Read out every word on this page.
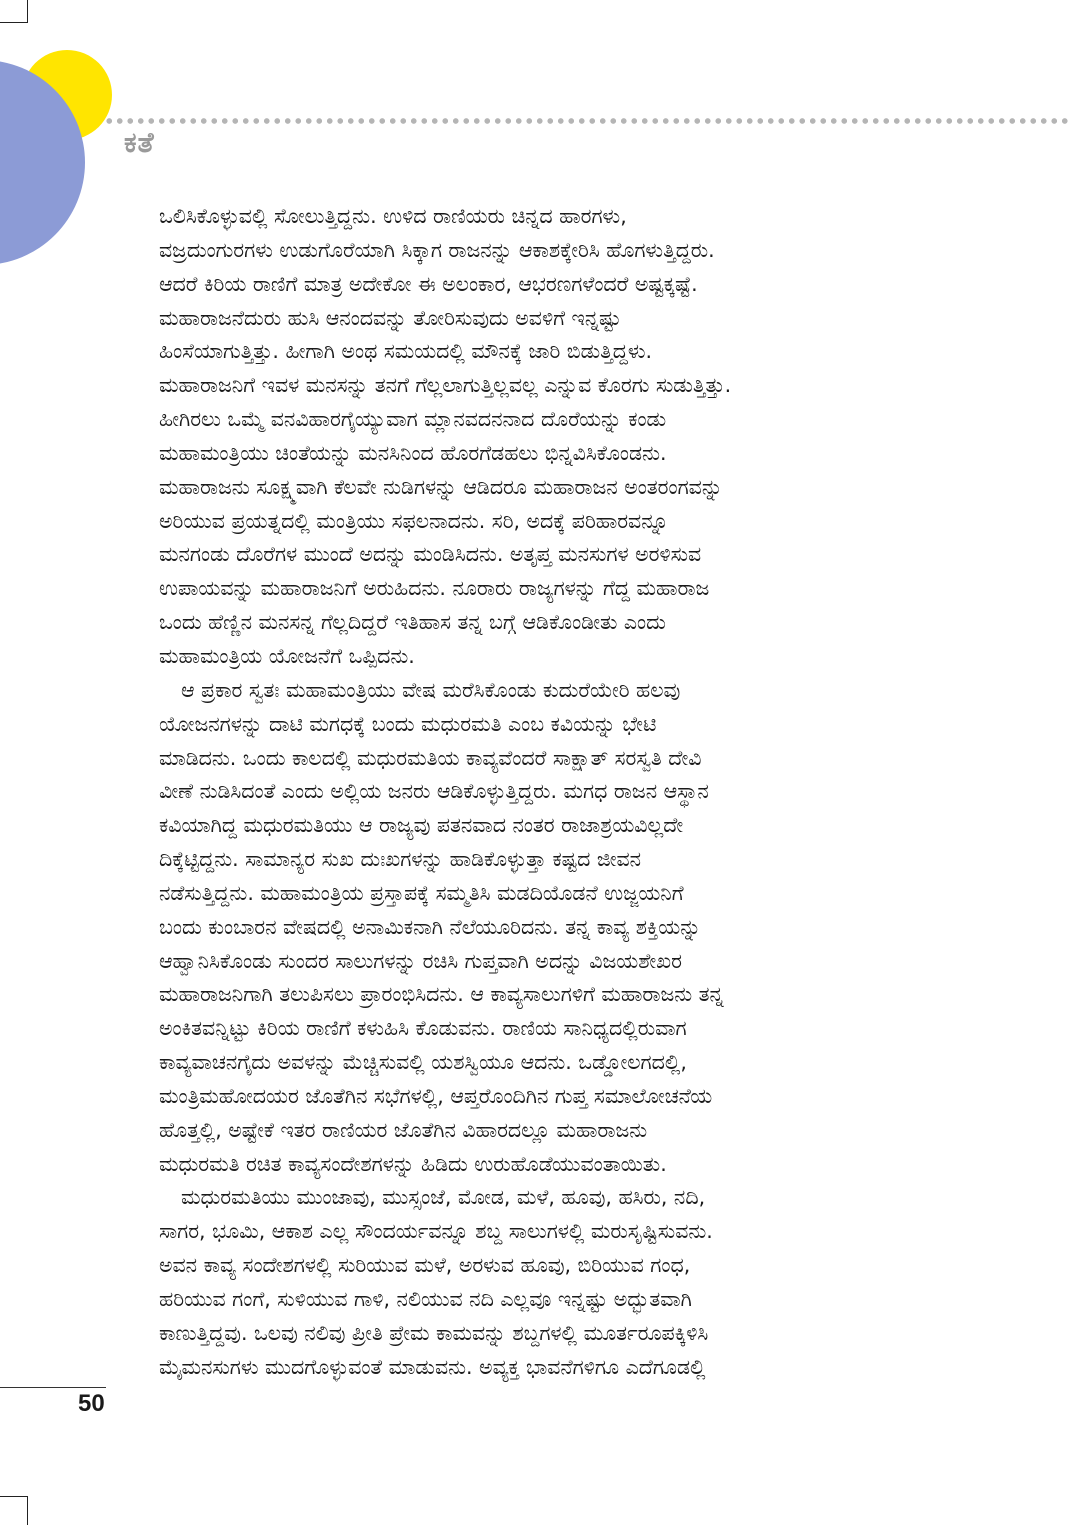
ಕತೆ
ಒಲಿಸಿಕೊಳ್ಳುವಲ್ಲಿ ಸೋಲುತ್ತಿದ್ದನು. ಉಳಿದ ರಾಣಿಯರು ಚಿನ್ನದ ಹಾರಗಳು,
ವಜ್ರದುಂಗುರಗಳು ಉಡುಗೊರೆಯಾಗಿ ಸಿಕ್ಕಾಗ ರಾಜನನ್ನು ಆಕಾಶಕ್ಕೇರಿಸಿ ಹೊಗಳುತ್ತಿದ್ದರು.
ಆದರೆ ಕಿರಿಯ ರಾಣಿಗೆ ಮಾತ್ರ ಅದೇಕೋ ಈ ಅಲಂಕಾರ, ಆಭರಣಗಳೆಂದರೆ ಅಷ್ಟಕ್ಕಷ್ಟೆ.
ಮಹಾರಾಜನೆದುರು ಹುಸಿ ಆನಂದವನ್ನು ತೋರಿಸುವುದು ಅವಳಿಗೆ ಇನ್ನಷ್ಟು
ಹಿಂಸೆಯಾಗುತ್ತಿತ್ತು. ಹೀಗಾಗಿ ಅಂಥ ಸಮಯದಲ್ಲಿ ಮೌನಕ್ಕೆ ಜಾರಿ ಬಿಡುತ್ತಿದ್ದಳು.
ಮಹಾರಾಜನಿಗೆ ಇವಳ ಮನಸನ್ನು ತನಗೆ ಗೆಲ್ಲಲಾಗುತ್ತಿಲ್ಲವಲ್ಲ ಎನ್ನುವ ಕೊರಗು ಸುಡುತ್ತಿತ್ತು.
ಹೀಗಿರಲು ಒಮ್ಮೆ ವನವಿಹಾರಗೈಯ್ಯುವಾಗ ಮ್ಲಾನವದನನಾದ ದೊರೆಯನ್ನು ಕಂಡು
ಮಹಾಮಂತ್ರಿಯು ಚಿಂತೆಯನ್ನು ಮನಸಿನಿಂದ ಹೊರಗೆಡಹಲು ಭಿನ್ನವಿಸಿಕೊಂಡನು.
ಮಹಾರಾಜನು ಸೂಕ್ಷ್ಮವಾಗಿ ಕೆಲವೇ ನುಡಿಗಳನ್ನು ಆಡಿದರೂ ಮಹಾರಾಜನ ಅಂತರಂಗವನ್ನು
ಅರಿಯುವ ಪ್ರಯತ್ನದಲ್ಲಿ ಮಂತ್ರಿಯು ಸಫಲನಾದನು. ಸರಿ, ಅದಕ್ಕೆ ಪರಿಹಾರವನ್ನೂ
ಮನಗಂಡು ದೊರೆಗಳ ಮುಂದೆ ಅದನ್ನು ಮಂಡಿಸಿದನು. ಅತೃಪ್ತ ಮನಸುಗಳ ಅರಳಿಸುವ
ಉಪಾಯವನ್ನು ಮಹಾರಾಜನಿಗೆ ಅರುಹಿದನು. ನೂರಾರು ರಾಜ್ಯಗಳನ್ನು ಗೆದ್ದ ಮಹಾರಾಜ
ಒಂದು ಹೆಣ್ಣಿನ ಮನಸನ್ನ ಗೆಲ್ಲದಿದ್ದರೆ ಇತಿಹಾಸ ತನ್ನ ಬಗ್ಗೆ ಆಡಿಕೊಂಡೀತು ಎಂದು
ಮಹಾಮಂತ್ರಿಯ ಯೋಜನೆಗೆ ಒಪ್ಪಿದನು.
ಆ ಪ್ರಕಾರ ಸ್ವತಃ ಮಹಾಮಂತ್ರಿಯು ವೇಷ ಮರೆಸಿಕೊಂಡು ಕುದುರೆಯೇರಿ ಹಲವು
ಯೋಜನಗಳನ್ನು ದಾಟಿ ಮಗಧಕ್ಕೆ ಬಂದು ಮಧುರಮತಿ ಎಂಬ ಕವಿಯನ್ನು ಭೇಟಿ
ಮಾಡಿದನು. ಒಂದು ಕಾಲದಲ್ಲಿ ಮಧುರಮತಿಯ ಕಾವ್ಯವೆಂದರೆ ಸಾಕ್ಷಾತ್ ಸರಸ್ವತಿ ದೇವಿ
ವೀಣೆ ನುಡಿಸಿದಂತೆ ಎಂದು ಅಲ್ಲಿಯ ಜನರು ಆಡಿಕೊಳ್ಳುತ್ತಿದ್ದರು. ಮಗಧ ರಾಜನ ಆಸ್ಥಾನ
ಕವಿಯಾಗಿದ್ದ ಮಧುರಮತಿಯು ಆ ರಾಜ್ಯವು ಪತನವಾದ ನಂತರ ರಾಜಾಶ್ರಯವಿಲ್ಲದೇ
ದಿಕ್ಕೆಟ್ಟಿದ್ದನು. ಸಾಮಾನ್ಯರ ಸುಖ ದುಃಖಗಳನ್ನು ಹಾಡಿಕೊಳ್ಳುತ್ತಾ ಕಷ್ಟದ ಜೀವನ
ನಡೆಸುತ್ತಿದ್ದನು. ಮಹಾಮಂತ್ರಿಯ ಪ್ರಸ್ತಾಪಕ್ಕೆ ಸಮ್ಮತಿಸಿ ಮಡದಿಯೊಡನೆ ಉಜ್ಜಯನಿಗೆ
ಬಂದು ಕುಂಬಾರನ ವೇಷದಲ್ಲಿ ಅನಾಮಿಕನಾಗಿ ನೆಲೆಯೂರಿದನು. ತನ್ನ ಕಾವ್ಯ ಶಕ್ತಿಯನ್ನು
ಆಹ್ವಾನಿಸಿಕೊಂಡು ಸುಂದರ ಸಾಲುಗಳನ್ನು ರಚಿಸಿ ಗುಪ್ತವಾಗಿ ಅದನ್ನು ವಿಜಯಶೇಖರ
ಮಹಾರಾಜನಿಗಾಗಿ ತಲುಪಿಸಲು ಪ್ರಾರಂಭಿಸಿದನು. ಆ ಕಾವ್ಯಸಾಲುಗಳಿಗೆ ಮಹಾರಾಜನು ತನ್ನ
ಅಂಕಿತವನ್ನಿಟ್ಟು ಕಿರಿಯ ರಾಣಿಗೆ ಕಳುಹಿಸಿ ಕೊಡುವನು. ರಾಣಿಯ ಸಾನಿಧ್ಯದಲ್ಲಿರುವಾಗ
ಕಾವ್ಯವಾಚನಗೈದು ಅವಳನ್ನು ಮೆಚ್ಚಿಸುವಲ್ಲಿ ಯಶಸ್ವಿಯೂ ಆದನು. ಒಡ್ಡೋಲಗದಲ್ಲಿ,
ಮಂತ್ರಿಮಹೋದಯರ ಜೊತೆಗಿನ ಸಭೆಗಳಲ್ಲಿ, ಆಪ್ತರೊಂದಿಗಿನ ಗುಪ್ತ ಸಮಾಲೋಚನೆಯ
ಹೊತ್ತಲ್ಲಿ, ಅಷ್ಟೇಕೆ ಇತರ ರಾಣಿಯರ ಜೊತೆಗಿನ ವಿಹಾರದಲ್ಲೂ ಮಹಾರಾಜನು
ಮಧುರಮತಿ ರಚಿತ ಕಾವ್ಯಸಂದೇಶಗಳನ್ನು ಹಿಡಿದು ಉರುಹೊಡೆಯುವಂತಾಯಿತು.
ಮಧುರಮತಿಯು ಮುಂಜಾವು, ಮುಸ್ಸಂಜೆ, ಮೋಡ, ಮಳೆ, ಹೂವು, ಹಸಿರು, ನದಿ,
ಸಾಗರ, ಭೂಮಿ, ಆಕಾಶ ಎಲ್ಲ ಸೌಂದರ್ಯವನ್ನೂ ಶಬ್ದ ಸಾಲುಗಳಲ್ಲಿ ಮರುಸೃಷ್ಟಿಸುವನು.
ಅವನ ಕಾವ್ಯ ಸಂದೇಶಗಳಲ್ಲಿ ಸುರಿಯುವ ಮಳೆ, ಅರಳುವ ಹೂವು, ಬಿರಿಯುವ ಗಂಧ,
ಹರಿಯುವ ಗಂಗೆ, ಸುಳಿಯುವ ಗಾಳಿ, ನಲಿಯುವ ನದಿ ಎಲ್ಲವೂ ಇನ್ನಷ್ಟು ಅದ್ಭುತವಾಗಿ
ಕಾಣುತ್ತಿದ್ದವು. ಒಲವು ನಲಿವು ಪ್ರೀತಿ ಪ್ರೇಮ ಕಾಮವನ್ನು ಶಬ್ದಗಳಲ್ಲಿ ಮೂರ್ತರೂಪಕ್ಕಿಳಿಸಿ
ಮೈಮನಸುಗಳು ಮುದಗೊಳ್ಳುವಂತೆ ಮಾಡುವನು. ಅವ್ಯಕ್ತ ಭಾವನೆಗಳಿಗೂ ಎದೆಗೂಡಲ್ಲಿ
50
